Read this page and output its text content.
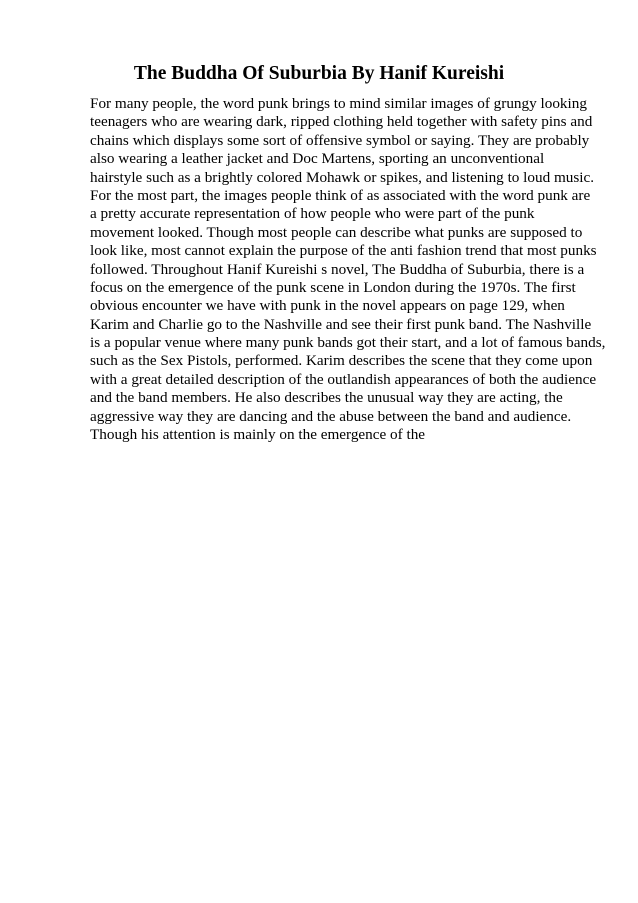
The Buddha Of Suburbia By Hanif Kureishi
For many people, the word punk brings to mind similar images of grungy looking
teenagers who are wearing dark, ripped clothing held together with safety pins and
chains which displays some sort of offensive symbol or saying. They are probably
also wearing a leather jacket and Doc Martens, sporting an unconventional
hairstyle such as a brightly colored Mohawk or spikes, and listening to loud music.
For the most part, the images people think of as associated with the word punk are
a pretty accurate representation of how people who were part of the punk
movement looked. Though most people can describe what punks are supposed to
look like, most cannot explain the purpose of the anti fashion trend that most punks
followed. Throughout Hanif Kureishi s novel, The Buddha of Suburbia, there is a
focus on the emergence of the punk scene in London during the 1970s. The first
obvious encounter we have with punk in the novel appears on page 129, when
Karim and Charlie go to the Nashville and see their first punk band. The Nashville
is a popular venue where many punk bands got their start, and a lot of famous bands,
such as the Sex Pistols, performed. Karim describes the scene that they come upon
with a great detailed description of the outlandish appearances of both the audience
and the band members. He also describes the unusual way they are acting, the
aggressive way they are dancing and the abuse between the band and audience.
Though his attention is mainly on the emergence of the
